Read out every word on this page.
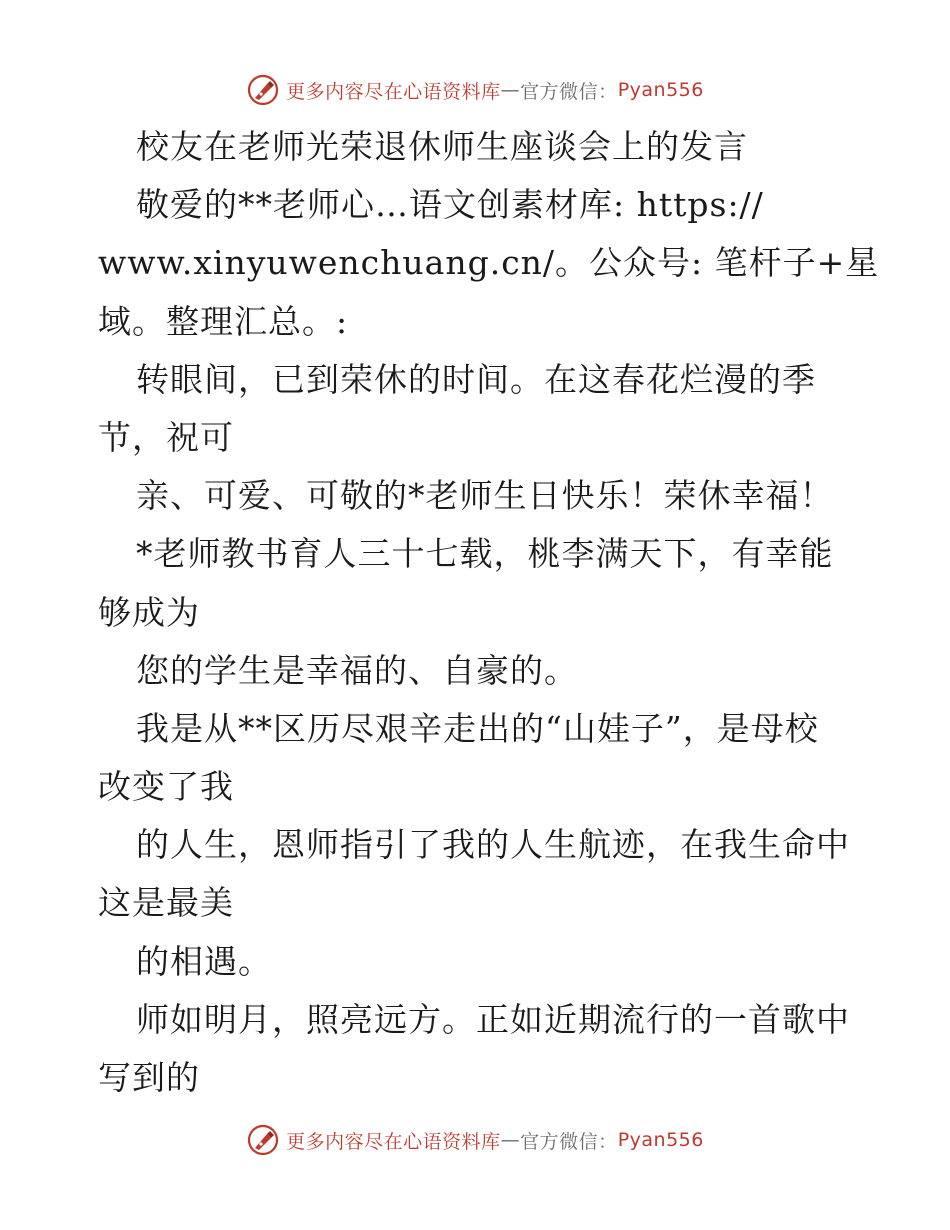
更多内容尽在心语资料库 — 官方微信： Pyan556
校友在老师光荣退休师生座谈会上的发言
敬爱的**老师心…语文创素材库: https://
www.xinyuwenchuang.cn/。公众号: 笔杆子+星
域。整理汇总。:
转眼间，已到荣休的时间。在这春花烂漫的季
节，祝可
亲、可爱、可敬的*老师生日快乐！荣休幸福！
*老师教书育人三十七载，桃李满天下，有幸能
够成为
您的学生是幸福的、自豪的。
我是从**区历尽艰辛走出的“山娃子”，是母校
改变了我
的人生，恩师指引了我的人生航迹，在我生命中
这是最美
的相遇。
师如明月，照亮远方。正如近期流行的一首歌中
写到的
更多内容尽在心语资料库 — 官方微信： Pyan556
